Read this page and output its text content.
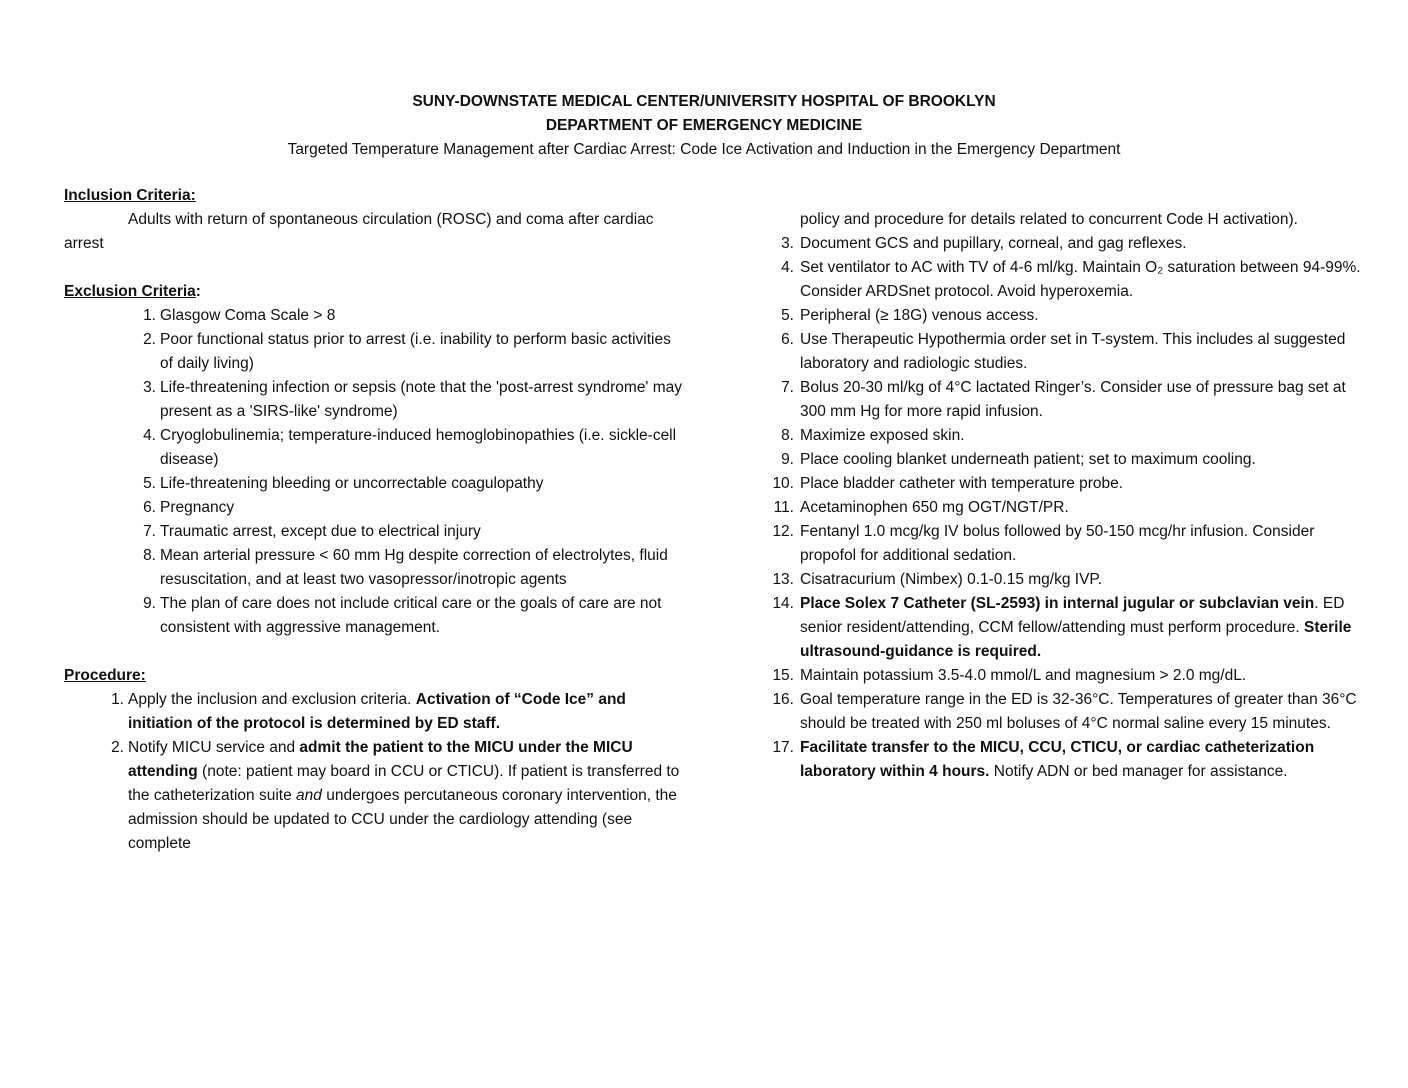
SUNY-DOWNSTATE MEDICAL CENTER/UNIVERSITY HOSPITAL OF BROOKLYN
DEPARTMENT OF EMERGENCY MEDICINE
Targeted Temperature Management after Cardiac Arrest: Code Ice Activation and Induction in the Emergency Department
Inclusion Criteria:
Adults with return of spontaneous circulation (ROSC) and coma after cardiac arrest
Exclusion Criteria:
1. Glasgow Coma Scale > 8
2. Poor functional status prior to arrest (i.e. inability to perform basic activities of daily living)
3. Life-threatening infection or sepsis (note that the 'post-arrest syndrome' may present as a 'SIRS-like' syndrome)
4. Cryoglobulinemia; temperature-induced hemoglobinopathies (i.e. sickle-cell disease)
5. Life-threatening bleeding or uncorrectable coagulopathy
6. Pregnancy
7. Traumatic arrest, except due to electrical injury
8. Mean arterial pressure < 60 mm Hg despite correction of electrolytes, fluid resuscitation, and at least two vasopressor/inotropic agents
9. The plan of care does not include critical care or the goals of care are not consistent with aggressive management.
Procedure:
1. Apply the inclusion and exclusion criteria. Activation of “Code Ice” and initiation of the protocol is determined by ED staff.
2. Notify MICU service and admit the patient to the MICU under the MICU attending (note: patient may board in CCU or CTICU). If patient is transferred to the catheterization suite and undergoes percutaneous coronary intervention, the admission should be updated to CCU under the cardiology attending (see complete
policy and procedure for details related to concurrent Code H activation).
3. Document GCS and pupillary, corneal, and gag reflexes.
4. Set ventilator to AC with TV of 4-6 ml/kg. Maintain O₂ saturation between 94-99%. Consider ARDSnet protocol. Avoid hyperoxemia.
5. Peripheral (≥ 18G) venous access.
6. Use Therapeutic Hypothermia order set in T-system. This includes al suggested laboratory and radiologic studies.
7. Bolus 20-30 ml/kg of 4°C lactated Ringer’s. Consider use of pressure bag set at 300 mm Hg for more rapid infusion.
8. Maximize exposed skin.
9. Place cooling blanket underneath patient; set to maximum cooling.
10. Place bladder catheter with temperature probe.
11. Acetaminophen 650 mg OGT/NGT/PR.
12. Fentanyl 1.0 mcg/kg IV bolus followed by 50-150 mcg/hr infusion. Consider propofol for additional sedation.
13. Cisatracurium (Nimbex) 0.1-0.15 mg/kg IVP.
14. Place Solex 7 Catheter (SL-2593) in internal jugular or subclavian vein. ED senior resident/attending, CCM fellow/attending must perform procedure. Sterile ultrasound-guidance is required.
15. Maintain potassium 3.5-4.0 mmol/L and magnesium > 2.0 mg/dL.
16. Goal temperature range in the ED is 32-36°C. Temperatures of greater than 36°C should be treated with 250 ml boluses of 4°C normal saline every 15 minutes.
17. Facilitate transfer to the MICU, CCU, CTICU, or cardiac catheterization laboratory within 4 hours. Notify ADN or bed manager for assistance.
